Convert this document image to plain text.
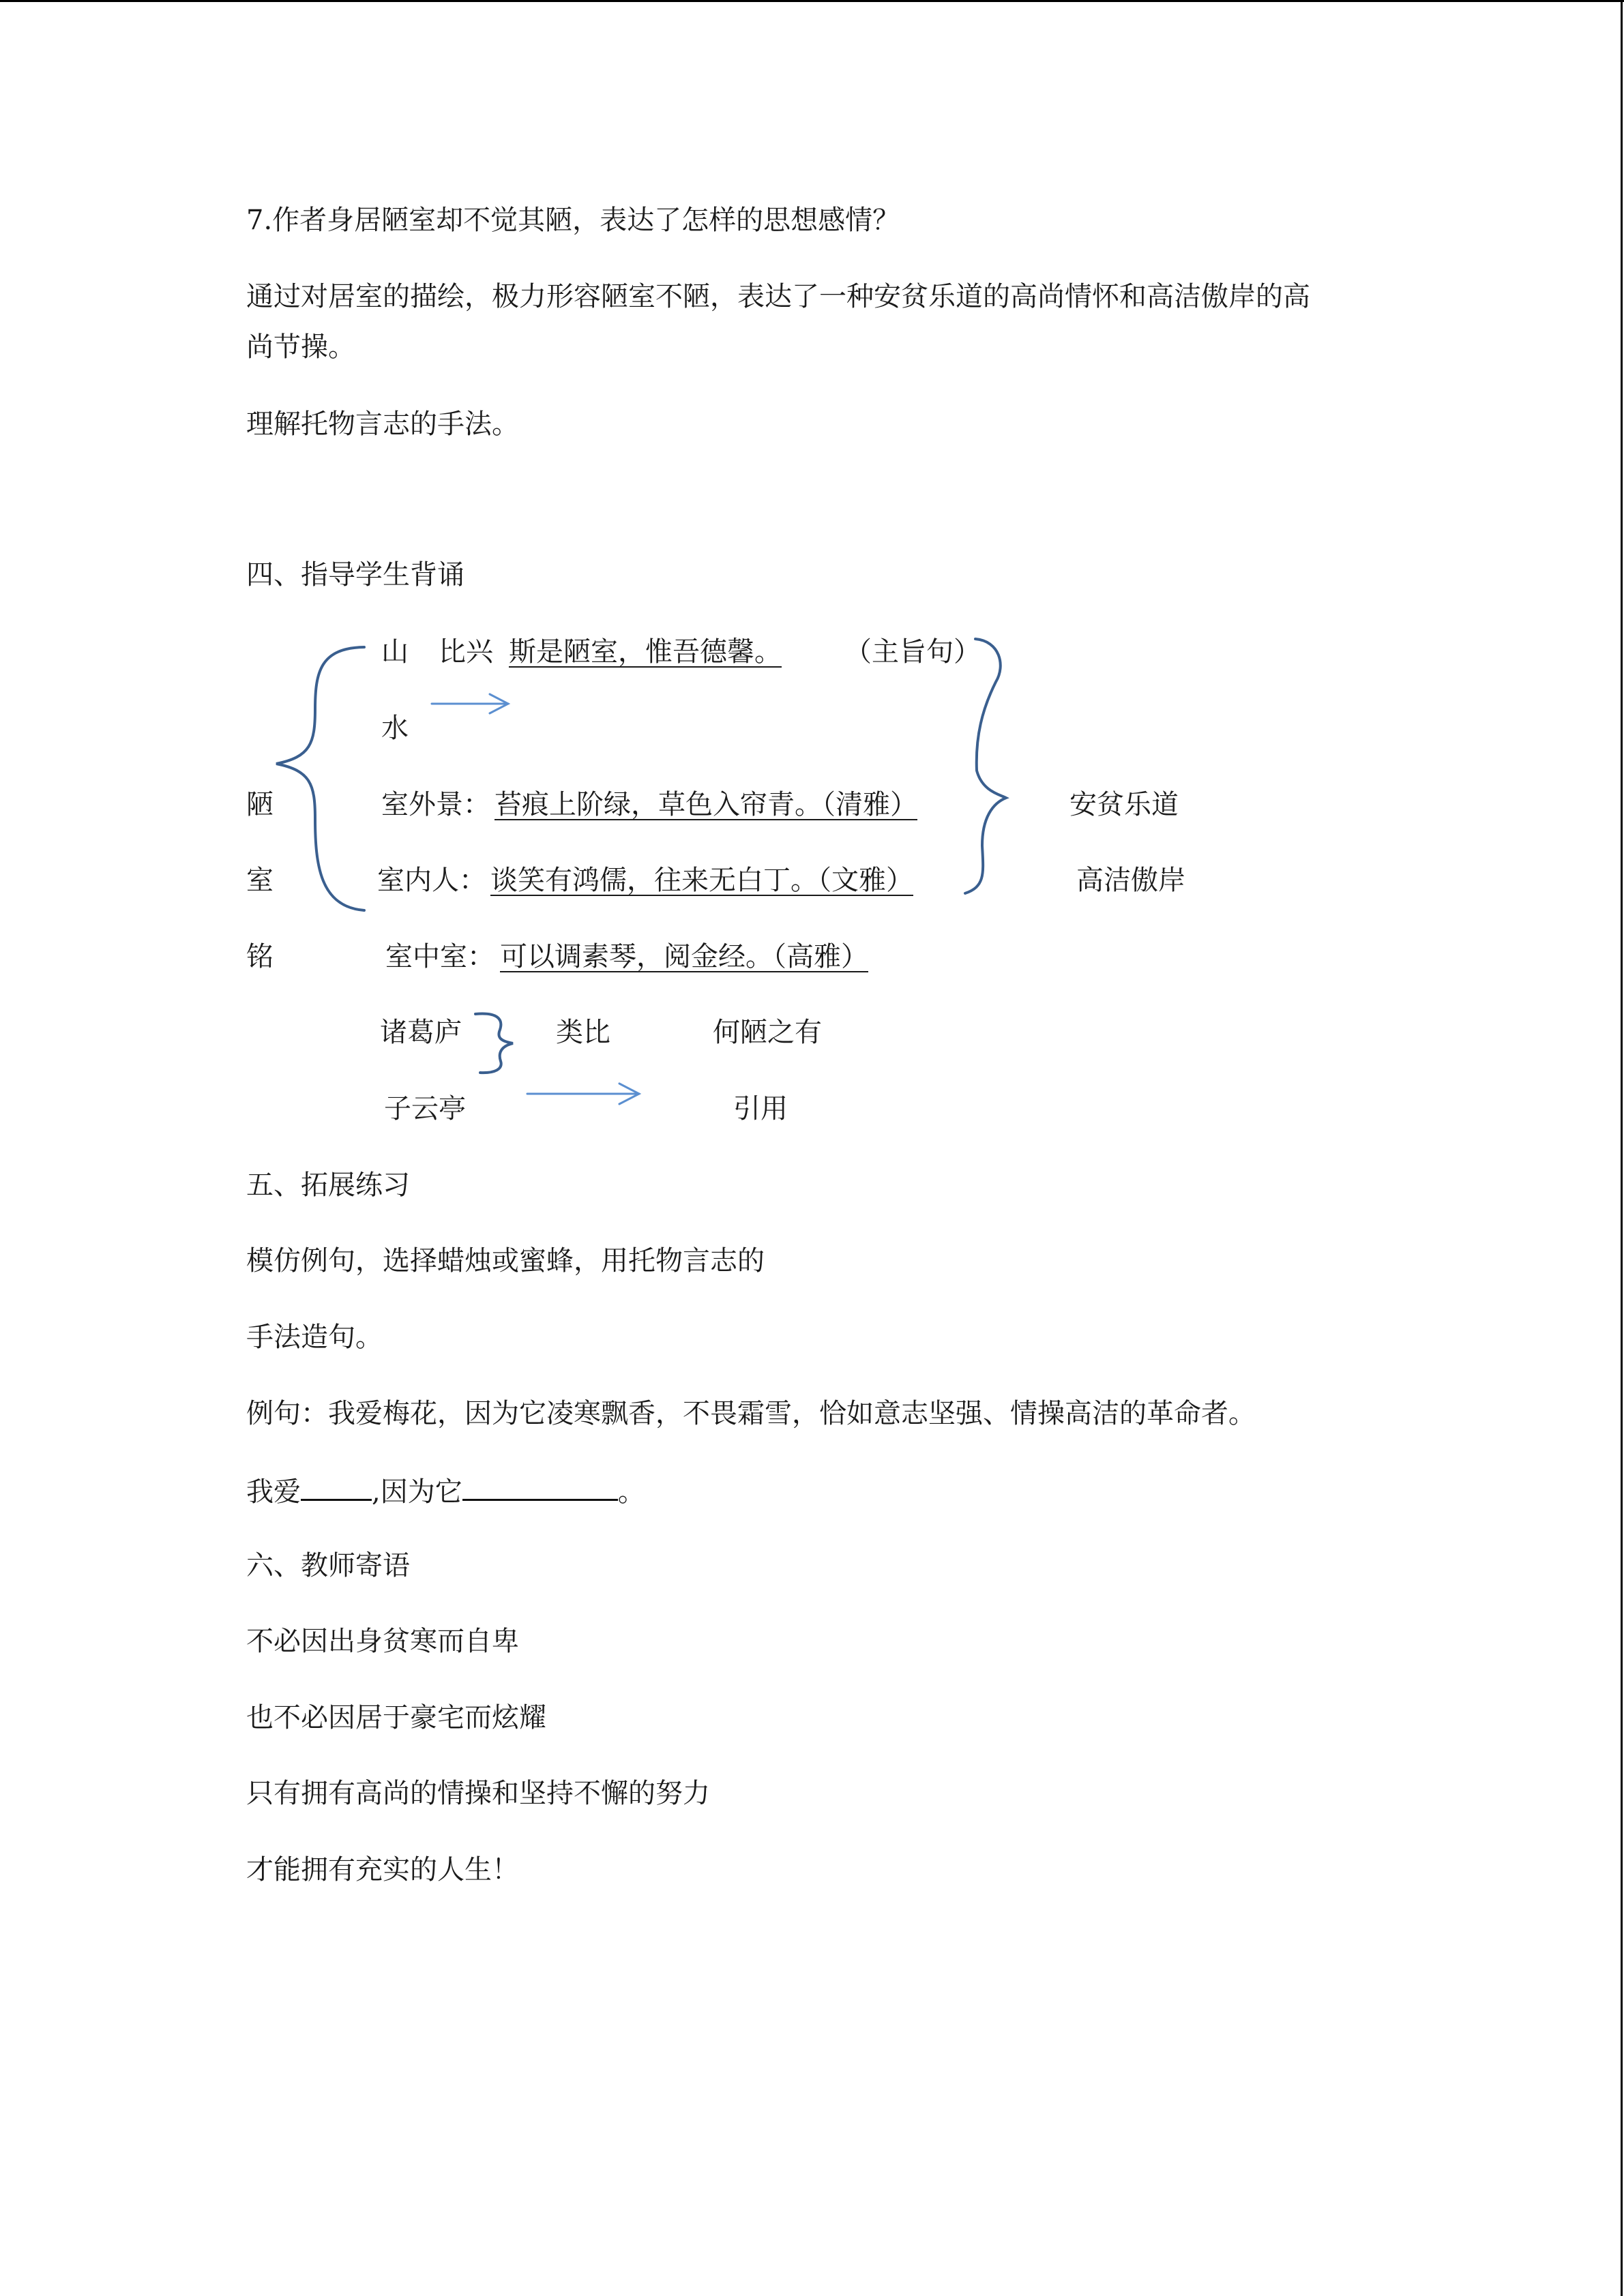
7.作者身居陋室却不觉其陋，表达了怎样的思想感情？
通过对居室的描绘，极力形容陋室不陋，表达了一种安贫乐道的高尚情怀和高洁傲岸的高
尚节操。
理解托物言志的手法。
四、指导学生背诵
山 比兴 斯是陋室，惟吾德馨。 （主旨句）
水
陋	室外景： 苔痕上阶绿，草色入帘青。（清雅）	安贫乐道
室	室内人： 谈笑有鸿儒，往来无白丁。（文雅）	高洁傲岸
铭	室中室： 可以调素琴，阅金经。（高雅）
诸葛庐	类比	何陋之有
子云亭	引用
五、拓展练习
模仿例句，选择蜡烛或蜜蜂，用托物言志的
手法造句。
例句：我爱梅花，因为它凌寒飘香，不畏霜雪，恰如意志坚强、情操高洁的革命者。
我爱	,因为它	。
六、教师寄语
不必因出身贫寒而自卑
也不必因居于豪宅而炫耀
只有拥有高尚的情操和坚持不懈的努力
才能拥有充实的人生！
